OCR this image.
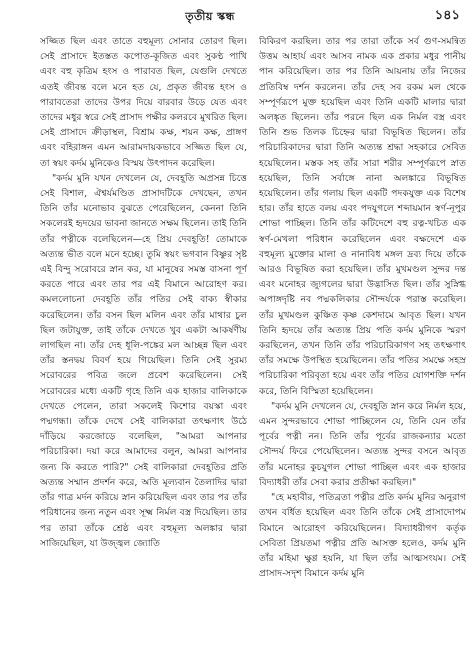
তৃতীয় স্কন্ধ	১৪১

সজ্জিত ছিল এবং তাতে বহুমূল্য সোনার তোরণ ছিল। সেই প্রাসাদে ইতস্তত কপোত-কূজিত এবং সুকণ্ঠ পাখি এবং বহু কৃত্রিম হংস ও পারাবত ছিল, যেগুলি দেখতে এতই জীবন্ত বলে মনে হত যে, প্রকৃত জীবন্ত হংস ও পারাবতেরা তাদের উপর দিয়ে বারবার উড়ে যেত এবং তাদের মধুর স্বরে সেই প্রাসাদ পক্ষীর কলরবে মুখরিত ছিল। সেই প্রাসাদে ক্রীড়াস্থল, বিশ্রাম কক্ষ, শয়ন কক্ষ, প্রাঙ্গণ এবং বহিরাঙ্গন এমন আরামদায়কভাবে সজ্জিত ছিল যে, তা স্বয়ং কর্দম মুনিকেও বিস্ময় উৎপাদন করেছিল।

"কর্দম মুনি যখন দেখলেন যে, দেবহূতি অপ্রসন্ন চিত্তে সেই বিশাল, ঐশ্বর্যমণ্ডিত প্রাসাদটিকে দেখছেন, তখন তিনি তাঁর মনোভাব বুঝতে পেরেছিলেন, কেননা তিনি সকলেরই হৃদয়ের ভাবনা জানতে সক্ষম ছিলেন। তাই তিনি তাঁর পত্নীকে বলেছিলেন—হে প্রিয় দেবহূতি! তোমাকে অত্যন্ত ভীত বলে মনে হচ্ছে। তুমি স্বয়ং ভগবান বিষ্ণুর সৃষ্ট এই বিন্দু সরোবরে স্নান কর, যা মানুষের সমস্ত বাসনা পূর্ণ করতে পারে এবং তার পর এই বিমানে আরোহণ কর। কমললোচনা দেবহূতি তাঁর পতির সেই বাক্য স্বীকার করেছিলেন। তাঁর বসন ছিল মলিন এবং তাঁর মাথার চুল ছিল জটাযুক্ত, তাই তাঁকে দেখতে খুব একটা আকর্ষণীয় লাগছিল না। তাঁর দেহ ধূলি-পঙ্কের মল আচ্ছন্ন ছিল এবং তাঁর স্তনদ্বয় বিবর্ণ হয়ে গিয়েছিল। তিনি সেই সুরম্য সরোবরের পবিত্র জলে প্রবেশ করেছিলেন। সেই সরোবরের মধ্যে একটি গৃহে তিনি এক হাজার বালিকাকে দেখতে পেলেন, তারা সকলেই কিশোর বয়স্কা এবং পদ্মগন্ধা। তাঁকে দেখে সেই বালিকারা তৎক্ষণাৎ উঠে দাঁড়িয়ে করজোড়ে বলেছিল, "আমরা আপনার পরিচারিকা। দয়া করে আমাদের বলুন, আমরা আপনার জন্য কি করতে পারি?" সেই বালিকারা দেবহূতির প্রতি অত্যন্ত সম্মান প্রদর্শন করে, অতি মূল্যবান তৈলাদির দ্বারা তাঁর গাত্র মর্দন করিয়ে স্নান করিয়েছিল এবং তার পর তাঁর পরিধানের জন্য নতুন এবং সূক্ষ্ম নির্মল বস্ত্র দিয়েছিল। তার পর তারা তাঁকে শ্রেষ্ঠ এবং বহুমূল্য অলঙ্কার দ্বারা সাজিয়েছিল, যা উজ্জ্বল জ্যোতি

বিকিরণ করছিল। তার পর তারা তাঁকে সর্ব গুণ-সমন্বিত উত্তম আহার্য এবং আসব নামক এক প্রকার মধুর পানীয় পান করিয়েছিল। তার পর তিনি আয়নায় তাঁর নিজের প্রতিবিম্ব দর্শন করলেন। তাঁর দেহ সব রকম মল থেকে সম্পূর্ণরূপে মুক্ত হয়েছিল এবং তিনি একটি মালার দ্বারা অলঙ্কৃত ছিলেন। তাঁর পরনে ছিল এক নির্মল বস্ত্র এবং তিনি শুভ তিলক চিহ্নের দ্বারা বিভূষিত ছিলেন। তাঁর পরিচারিকাদের দ্বারা তিনি অত্যন্ত শ্রদ্ধা সহকারে সেবিত হয়েছিলেন। মস্তক সহ তাঁর সারা শরীর সম্পূর্ণরূপে স্নাত হয়েছিল, তিনি সর্বাঙ্গে নানা অলঙ্কারে বিভূষিত হয়েছিলেন। তাঁর গলায় ছিল একটি পদকযুক্ত এক বিশেষ হার। তাঁর হাতে বলয় এবং পদযুগলে শব্দায়মান স্বর্ণ-নূপুর শোভা পাচ্ছিল। তিনি তাঁর কটিদেশে বহু রত্ন-খচিত এক স্বর্ণ-মেখলা পরিধান করেছিলেন এবং বক্ষদেশে এক বহুমূল্য মুক্তোর মালা ও নানাবিধ মঙ্গল দ্রব্য দিয়ে তাঁকে আরও বিভূষিত করা হয়েছিল। তাঁর মুখমণ্ডল সুন্দর দন্ত এবং মনোহর জ্যুগলের দ্বারা উদ্ভাসিত ছিল। তাঁর সুস্নিগ্ধ অপাঙ্গদৃষ্টি নব পদ্মকলিকার সৌন্দর্যকে পরাস্ত করেছিল। তাঁর মুখমণ্ডল কুঞ্চিত কৃষ্ণ কেশদামে আবৃত ছিল। যখন তিনি হৃদয়ে তাঁর অত্যন্ত প্রিয় পতি কর্দম মুনিকে স্মরণ করছিলেন, তখন তিনি তাঁর পরিচারিকাগণ সহ তৎক্ষণাৎ তাঁর সমক্ষে উপস্থিত হয়েছিলেন। তাঁর পতির সমক্ষে সহস্র পরিচারিকা পরিবৃতা হয়ে এবং তাঁর পতির যোগশক্তি দর্শন করে, তিনি বিস্মিতা হয়েছিলেন।

"কর্দম মুনি দেখলেন যে, দেবহূতি স্নান করে নির্মল হয়ে, এমন সুন্দরভাবে শোভা পাচ্ছিলেন যে, তিনি যেন তাঁর পূর্বের পত্নী নন। তিনি তাঁর পূর্বের রাজকন্যার মতো সৌন্দর্য ফিরে পেয়েছিলেন। অত্যন্ত সুন্দর বসনে আবৃত তাঁর মনোহর কুচযুগল শোভা পাচ্ছিল এবং এক হাজার বিদ্যাধরী তাঁর সেবা করার প্রতীক্ষা করছিল।"

"হে মহাবীর, পতিব্রতা পত্নীর প্রতি কর্দম মুনির অনুরাগ তখন বর্ধিত হয়েছিল এবং তিনি তাঁকে সেই প্রাসাদোপম বিমানে আরোহণ করিয়েছিলেন। বিদ্যাধরীগণ কর্তৃক সেবিতা প্রিয়তমা পত্নীর প্রতি আসক্ত হলেও, কর্দম মুনি তাঁর মহিমা ক্ষুণ্ণ হয়নি, যা ছিল তাঁর আত্মসংযম। সেই প্রাসাদ-সদৃশ বিমানে কর্দম মুনি
